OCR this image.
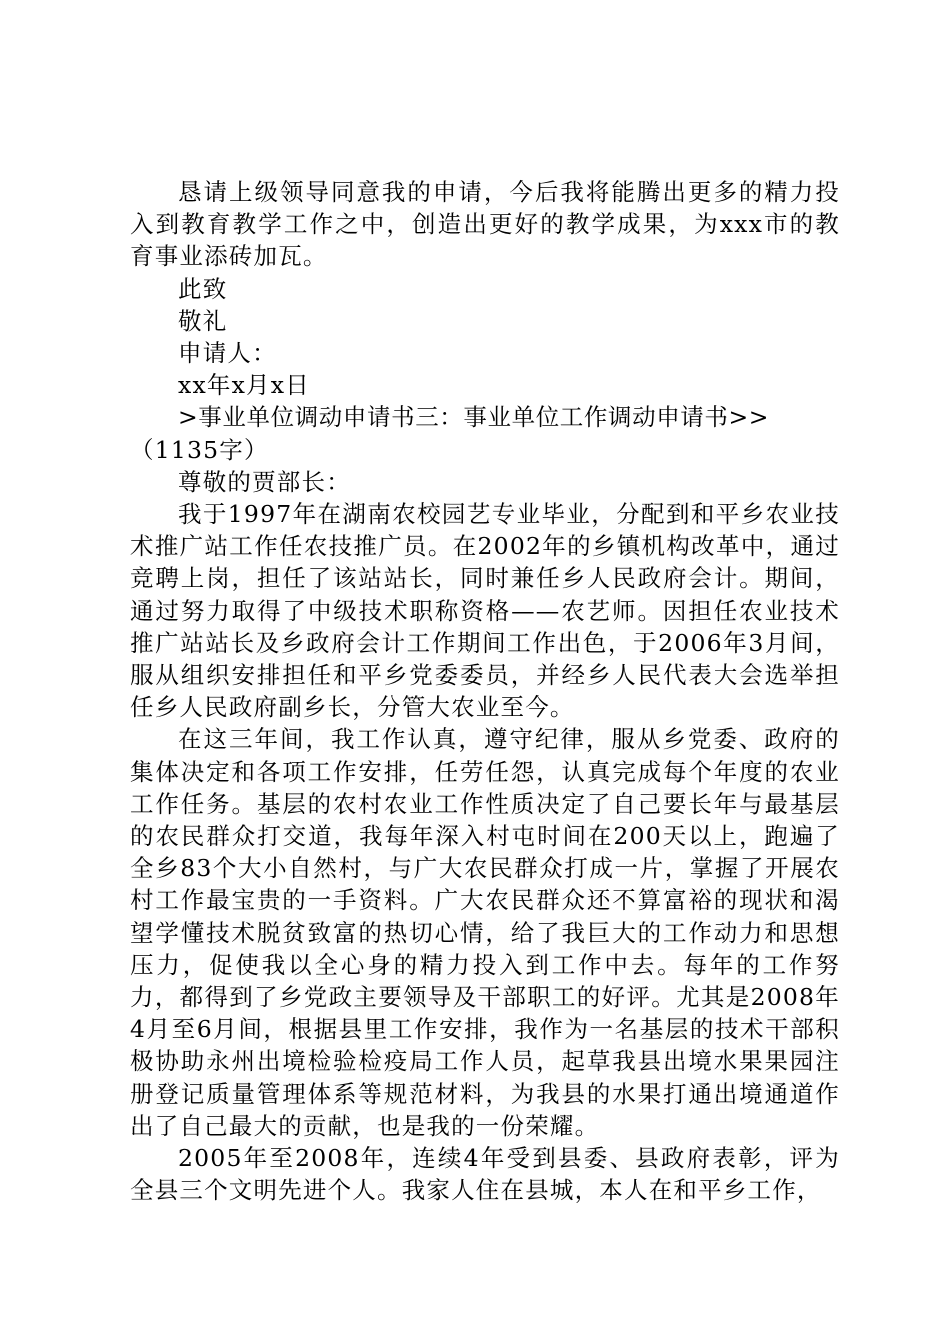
恳请上级领导同意我的申请，今后我将能腾出更多的精力投入到教育教学工作之中，创造出更好的教学成果，为xxx市的教育事业添砖加瓦。

此致

敬礼

申请人：

xx年x月x日

>事业单位调动申请书三：事业单位工作调动申请书>>

（1135字）

尊敬的贾部长：

我于1997年在湖南农校园艺专业毕业，分配到和平乡农业技术推广站工作任农技推广员。在2002年的乡镇机构改革中，通过竞聘上岗，担任了该站站长，同时兼任乡人民政府会计。期间，通过努力取得了中级技术职称资格——农艺师。因担任农业技术推广站站长及乡政府会计工作期间工作出色，于2006年3月间，服从组织安排担任和平乡党委委员，并经乡人民代表大会选举担任乡人民政府副乡长，分管大农业至今。

在这三年间，我工作认真，遵守纪律，服从乡党委、政府的集体决定和各项工作安排，任劳任怨，认真完成每个年度的农业工作任务。基层的农村农业工作性质决定了自己要长年与最基层的农民群众打交道，我每年深入村屯时间在200天以上，跑遍了全乡83个大小自然村，与广大农民群众打成一片，掌握了开展农村工作最宝贵的一手资料。广大农民群众还不算富裕的现状和渴望学懂技术脱贫致富的热切心情，给了我巨大的工作动力和思想压力，促使我以全心身的精力投入到工作中去。每年的工作努力，都得到了乡党政主要领导及干部职工的好评。尤其是2008年4月至6月间，根据县里工作安排，我作为一名基层的技术干部积极协助永州出境检验检疫局工作人员，起草我县出境水果果园注册登记质量管理体系等规范材料，为我县的水果打通出境通道作出了自己最大的贡献，也是我的一份荣耀。

2005年至2008年，连续4年受到县委、县政府表彰，评为全县三个文明先进个人。我家人住在县城，本人在和平乡工作，
